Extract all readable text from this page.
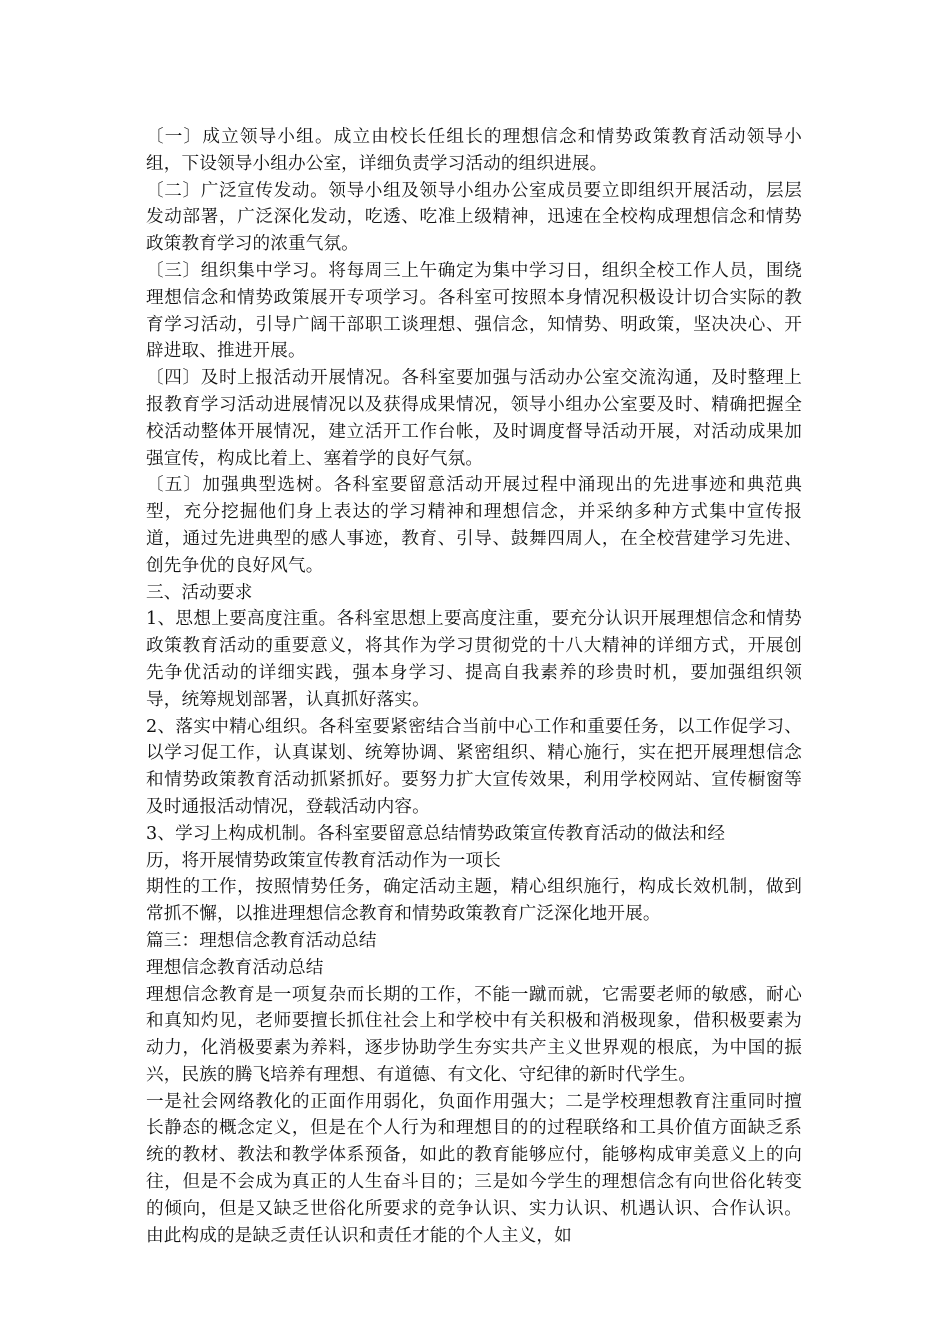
〔一〕成立领导小组。成立由校长任组长的理想信念和情势政策教育活动领导小组，下设领导小组办公室，详细负责学习活动的组织进展。

〔二〕广泛宣传发动。领导小组及领导小组办公室成员要立即组织开展活动，层层发动部署，广泛深化发动，吃透、吃准上级精神，迅速在全校构成理想信念和情势政策教育学习的浓重气氛。

〔三〕组织集中学习。将每周三上午确定为集中学习日，组织全校工作人员，围绕理想信念和情势政策展开专项学习。各科室可按照本身情况积极设计切合实际的教育学习活动，引导广阔干部职工谈理想、强信念，知情势、明政策，坚决决心、开辟进取、推进开展。

〔四〕及时上报活动开展情况。各科室要加强与活动办公室交流沟通，及时整理上报教育学习活动进展情况以及获得成果情况，领导小组办公室要及时、精确把握全校活动整体开展情况，建立活开工作台帐，及时调度督导活动开展，对活动成果加强宣传，构成比着上、塞着学的良好气氛。

〔五〕加强典型选树。各科室要留意活动开展过程中涌现出的先进事迹和典范典型，充分挖掘他们身上表达的学习精神和理想信念，并采纳多种方式集中宣传报道，通过先进典型的感人事迹，教育、引导、鼓舞四周人，在全校营建学习先进、创先争优的良好风气。

三、活动要求

1、思想上要高度注重。各科室思想上要高度注重，要充分认识开展理想信念和情势政策教育活动的重要意义，将其作为学习贯彻党的十八大精神的详细方式，开展创先争优活动的详细实践，强本身学习、提高自我素养的珍贵时机，要加强组织领导，统筹规划部署，认真抓好落实。

2、落实中精心组织。各科室要紧密结合当前中心工作和重要任务，以工作促学习、以学习促工作，认真谋划、统筹协调、紧密组织、精心施行，实在把开展理想信念和情势政策教育活动抓紧抓好。要努力扩大宣传效果，利用学校网站、宣传橱窗等及时通报活动情况，登载活动内容。

3、学习上构成机制。各科室要留意总结情势政策宣传教育活动的做法和经

历，将开展情势政策宣传教育活动作为一项长

期性的工作，按照情势任务，确定活动主题，精心组织施行，构成长效机制，做到常抓不懈，以推进理想信念教育和情势政策教育广泛深化地开展。

篇三：理想信念教育活动总结

理想信念教育活动总结

理想信念教育是一项复杂而长期的工作，不能一蹴而就，它需要老师的敏感，耐心和真知灼见，老师要擅长抓住社会上和学校中有关积极和消极现象，借积极要素为动力，化消极要素为养料，逐步协助学生夯实共产主义世界观的根底，为中国的振兴，民族的腾飞培养有理想、有道德、有文化、守纪律的新时代学生。

一是社会网络教化的正面作用弱化，负面作用强大；二是学校理想教育注重同时擅长静态的概念定义，但是在个人行为和理想目的的过程联络和工具价值方面缺乏系统的教材、教法和教学体系预备，如此的教育能够应付，能够构成审美意义上的向往，但是不会成为真正的人生奋斗目的；三是如今学生的理想信念有向世俗化转变的倾向，但是又缺乏世俗化所要求的竞争认识、实力认识、机遇认识、合作认识。由此构成的是缺乏责任认识和责任才能的个人主义，如
